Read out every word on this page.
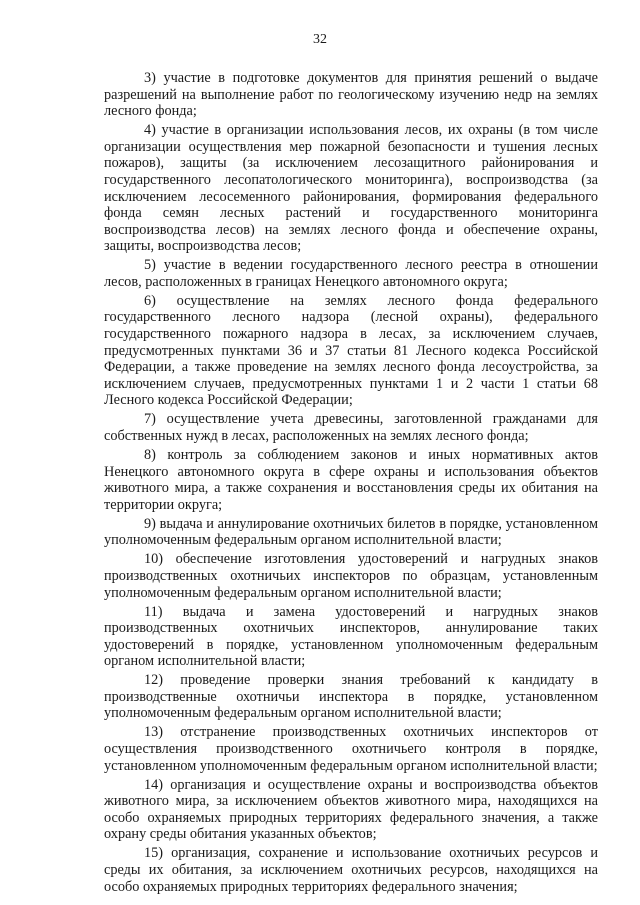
32

3) участие в подготовке документов для принятия решений о выдаче разрешений на выполнение работ по геологическому изучению недр на землях лесного фонда;

4) участие в организации использования лесов, их охраны (в том числе организации осуществления мер пожарной безопасности и тушения лесных пожаров), защиты (за исключением лесозащитного районирования и государственного лесопатологического мониторинга), воспроизводства (за исключением лесосеменного районирования, формирования федерального фонда семян лесных растений и государственного мониторинга воспроизводства лесов) на землях лесного фонда и обеспечение охраны, защиты, воспроизводства лесов;

5) участие в ведении государственного лесного реестра в отношении лесов, расположенных в границах Ненецкого автономного округа;

6) осуществление на землях лесного фонда федерального государственного лесного надзора (лесной охраны), федерального государственного пожарного надзора в лесах, за исключением случаев, предусмотренных пунктами 36 и 37 статьи 81 Лесного кодекса Российской Федерации, а также проведение на землях лесного фонда лесоустройства, за исключением случаев, предусмотренных пунктами 1 и 2 части 1 статьи 68 Лесного кодекса Российской Федерации;

7) осуществление учета древесины, заготовленной гражданами для собственных нужд в лесах, расположенных на землях лесного фонда;

8) контроль за соблюдением законов и иных нормативных актов Ненецкого автономного округа в сфере охраны и использования объектов животного мира, а также сохранения и восстановления среды их обитания на территории округа;

9) выдача и аннулирование охотничьих билетов в порядке, установленном уполномоченным федеральным органом исполнительной власти;

10) обеспечение изготовления удостоверений и нагрудных знаков производственных охотничьих инспекторов по образцам, установленным уполномоченным федеральным органом исполнительной власти;

11) выдача и замена удостоверений и нагрудных знаков производственных охотничьих инспекторов, аннулирование таких удостоверений в порядке, установленном уполномоченным федеральным органом исполнительной власти;

12) проведение проверки знания требований к кандидату в производственные охотничьи инспектора в порядке, установленном уполномоченным федеральным органом исполнительной власти;

13) отстранение производственных охотничьих инспекторов от осуществления производственного охотничьего контроля в порядке, установленном уполномоченным федеральным органом исполнительной власти;

14) организация и осуществление охраны и воспроизводства объектов животного мира, за исключением объектов животного мира, находящихся на особо охраняемых природных территориях федерального значения, а также охрану среды обитания указанных объектов;

15) организация, сохранение и использование охотничьих ресурсов и среды их обитания, за исключением охотничьих ресурсов, находящихся на особо охраняемых природных территориях федерального значения;
